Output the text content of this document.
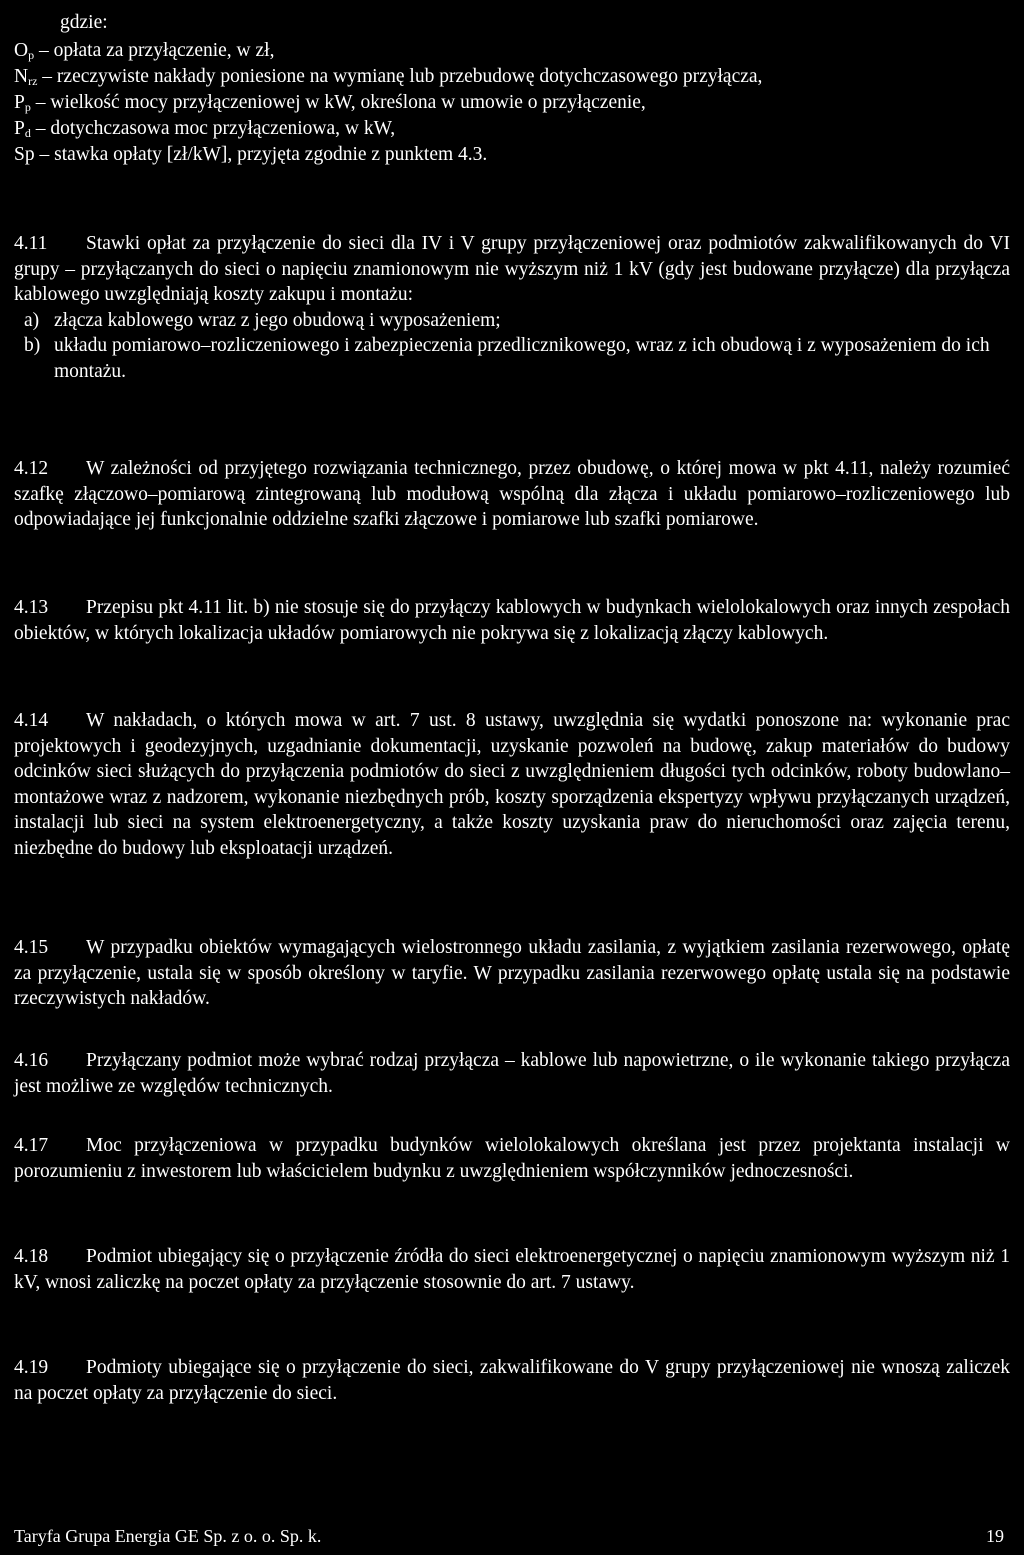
gdzie:
$O_p$ – opłata za przyłączenie, w zł,
$N_{rz}$ – rzeczywiste nakłady poniesione na wymianę lub przebudowę dotychczasowego przyłącza,
$P_p$ – wielkość mocy przyłączeniowej w kW, określona w umowie o przyłączenie,
$P_d$ – dotychczasowa moc przyłączeniowa, w kW,
Sp – stawka opłaty [zł/kW], przyjęta zgodnie z punktem 4.3.
4.11 Stawki opłat za przyłączenie do sieci dla IV i V grupy przyłączeniowej oraz podmiotów zakwalifikowanych do VI grupy – przyłączanych do sieci o napięciu znamionowym nie wyższym niż 1 kV (gdy jest budowane przyłącze) dla przyłącza kablowego uwzględniają koszty zakupu i montażu:
a) złącza kablowego wraz z jego obudową i wyposażeniem;
b) układu pomiarowo–rozliczeniowego i zabezpieczenia przedlicznikowego, wraz z ich obudową i z wyposażeniem do ich montażu.
4.12 W zależności od przyjętego rozwiązania technicznego, przez obudowę, o której mowa w pkt 4.11, należy rozumieć szafkę złączowo–pomiarową zintegrowaną lub modułową wspólną dla złącza i układu pomiarowo–rozliczeniowego lub odpowiadające jej funkcjonalnie oddzielne szafki złączowe i pomiarowe lub szafki pomiarowe.
4.13 Przepisu pkt 4.11 lit. b) nie stosuje się do przyłączy kablowych w budynkach wielolokalowych oraz innych zespołach obiektów, w których lokalizacja układów pomiarowych nie pokrywa się z lokalizacją złączy kablowych.
4.14 W nakładach, o których mowa w art. 7 ust. 8 ustawy, uwzględnia się wydatki ponoszone na: wykonanie prac projektowych i geodezyjnych, uzgadnianie dokumentacji, uzyskanie pozwoleń na budowę, zakup materiałów do budowy odcinków sieci służących do przyłączenia podmiotów do sieci z uwzględnieniem długości tych odcinków, roboty budowlano–montażowe wraz z nadzorem, wykonanie niezbędnych prób, koszty sporządzenia ekspertyzy wpływu przyłączanych urządzeń, instalacji lub sieci na system elektroenergetyczny, a także koszty uzyskania praw do nieruchomości oraz zajęcia terenu, niezbędne do budowy lub eksploatacji urządzeń.
4.15 W przypadku obiektów wymagających wielostronnego układu zasilania, z wyjątkiem zasilania rezerwowego, opłatę za przyłączenie, ustala się w sposób określony w taryfie. W przypadku zasilania rezerwowego opłatę ustala się na podstawie rzeczywistych nakładów.
4.16 Przyłączany podmiot może wybrać rodzaj przyłącza – kablowe lub napowietrzne, o ile wykonanie takiego przyłącza jest możliwe ze względów technicznych.
4.17 Moc przyłączeniowa w przypadku budynków wielolokalowych określana jest przez projektanta instalacji w porozumieniu z inwestorem lub właścicielem budynku z uwzględnieniem współczynników jednoczesności.
4.18 Podmiot ubiegający się o przyłączenie źródła do sieci elektroenergetycznej o napięciu znamionowym wyższym niż 1 kV, wnosi zaliczkę na poczet opłaty za przyłączenie stosownie do art. 7 ustawy.
4.19 Podmioty ubiegające się o przyłączenie do sieci, zakwalifikowane do V grupy przyłączeniowej nie wnoszą zaliczek na poczet opłaty za przyłączenie do sieci.
Taryfa Grupa Energia GE Sp. z o. o. Sp. k.	19
